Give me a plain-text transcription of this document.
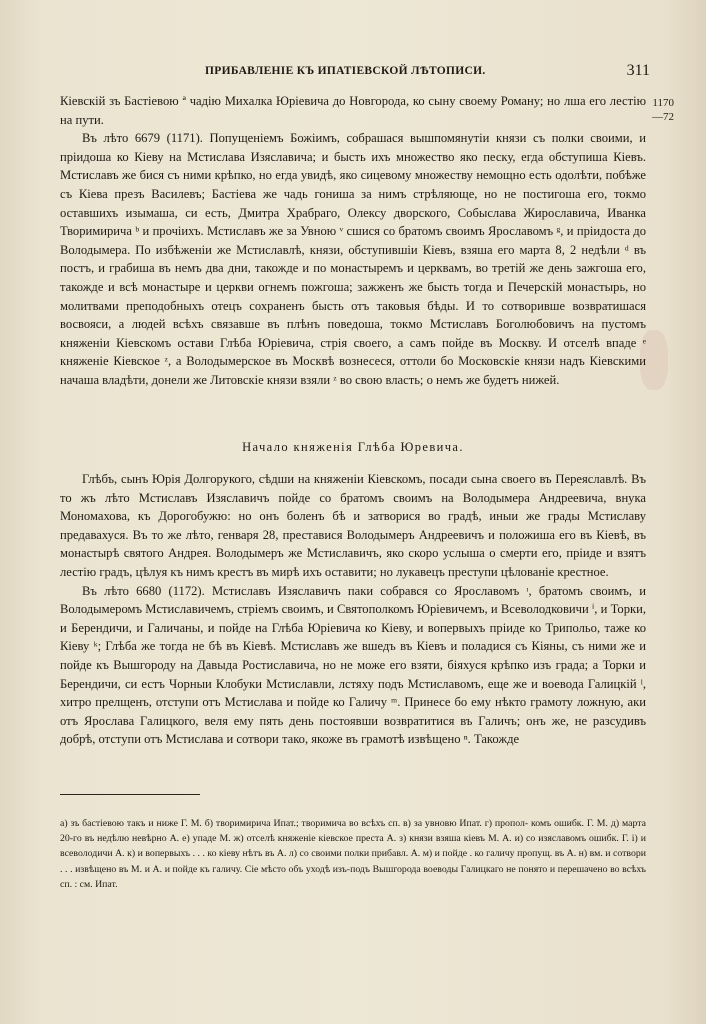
ПРИБАВЛЕНІЕ КЪ ИПАТІЕВСКОЙ ЛѢТОПИСИ.	311
1170
—72

Кіевскій зъ Бастіевою ª чадію Михалка Юріевича до Новгорода, ко сыну своему Роману; но лша его лестію на пути.

Въ лѣто 6679 (1171). Попущеніемъ Божіимъ, собрашася вышпомянутіи князи съ полки своими, и пріидоша ко Кіеву на Мстислава Изяславича; и бысть ихъ множество яко песку, егда обступиша Кіевъ. Мстиславъ же бися съ ними крѣпко, но егда увидѣ, яко сицевому множеству немощно есть одолѣти, побѣже съ Кіева презъ Василевъ; Бастіева же чадь гониша за нимъ стрѣляюще, но не постигоша его, токмо оставшихъ изымаша, си есть, Дмитра Храбраго, Олексу дворского, Собыслава Жирославича, Иванка Творимирича ᵇ и прочіихъ. Мстиславъ же за Увною ᵛ сшися со братомъ своимъ Ярославомъ ᵍ, и пріидоста до Володымера. По избѣженіи же Мстиславлѣ, князи, обступившіи Кіевъ, взяша его марта 8, 2 недѣли ᵈ въ постъ, и грабиша въ немъ два дни, такожде и по монастыремъ и церквамъ, во третій же день зажгоша его, такожде и всѣ монастыре и церкви огнемъ пожгоша; зажженъ же бысть тогда и Печерскій монастырь, но молитвами преподобныхъ отецъ сохраненъ бысть отъ таковыя бѣды. И то сотворивше возвратишася восвояси, а людей всѣхъ связавше въ плѣнъ поведоша, токмо Мстиславъ Боголюбовичъ на пустомъ княженіи Кіевскомъ остави Глѣба Юріевича, стрія своего, а самъ пойде въ Москву. И отселѣ впаде ᵉ княженіе Кіевское ᶻ, а Володымерское въ Москвѣ вознесеся, оттоли бо Московскіе князи надъ Кіевскими начаша владѣти, донели же Литовскіе князи взяли ᶻ во свою власть; о немъ же будетъ нижей.

Начало княженія Глѣба Юревича.

Глѣбъ, сынъ Юрія Долгорукого, сѣдши на княженіи Кіевскомъ, посади сына своего въ Переяславлѣ. Въ то жъ лѣто Мстиславъ Изяславичъ пойде со братомъ своимъ на Володымера Андреевича, внука Мономахова, къ Дорогобужю: но онъ боленъ бѣ и затворися во градѣ, иныи же грады Мстиславу предавахуся. Въ то же лѣто, генваря 28, преставися Володымеръ Андреевичъ и положиша его въ Кіевѣ, въ монастырѣ святого Андрея. Володымеръ же Мстиславичъ, яко скоро услыша о смерти его, пріиде и взятъ лестію градъ, цѣлуя къ нимъ крестъ въ мирѣ ихъ оставити; но лукавецъ преступи цѣлованіе крестное.

Въ лѣто 6680 (1172). Мстиславъ Изяславичъ паки собрався со Ярославомъ ᶦ, братомъ своимъ, и Володымеромъ Мстиславичемъ, стріемъ своимъ, и Святополкомъ Юріевичемъ, и Всеволодковичи ⁱ, и Торки, и Берендичи, и Галичаны, и пойде на Глѣба Юріевича ко Кіеву, и вопервыхъ пріиде ко Трипольо, таже ко Кіеву ᵏ; Глѣба же тогда не бѣ въ Кіевѣ. Мстиславъ же вшедъ въ Кіевъ и поладися съ Кіяны, съ ними же и пойде къ Вышгороду на Давыда Ростиславича, но не може его взяти, біяхуся крѣпко изъ града; а Торки и Берендичи, си естъ Чорныи Клобуки Мстиславли, лстяху подъ Мстиславомъ, еще же и воевода Галицкій ˡ, хитро прелщенъ, отступи отъ Мстислава и пойде ко Галичу ᵐ. Принесе бо ему нѣкто грамоту ложную, аки отъ Ярослава Галицкого, веля ему пять день постоявши возвратитися въ Галичъ; онъ же, не разсудивъ добрѣ, отступи отъ Мстислава и сотвори тако, якоже въ грамотѣ извѣщено ⁿ. Такожде

а) зъ бастіевою такъ и ниже Г. М. б) творимирича Ипат.; творимича во всѣхъ сп. в) за увновю Ипат. г) пропол- комъ ошибк. Г. М. д) марта 20-го въ недѣлю невѣрно А. е) упаде М. ж) отселѣ княженіе кіевское преста А. з) князи взяша кіевъ М. А. и) со изяславомъ ошибк. Г. і) и всеволодичи А. к) и вопервыхъ . . . ко кіеву нѣтъ въ А. л) со своими полки прибавл. А. м) и пойде . ко галичу пропущ. въ А. н) вм. и сотвори . . . извѣщено въ М. и А. и пойде къ галичу. Сіе мѣсто объ уходѣ изъ-подъ Вышгорода воеводы Галицкаго не понято и перешачено во всѣхъ сп. : см. Ипат.
